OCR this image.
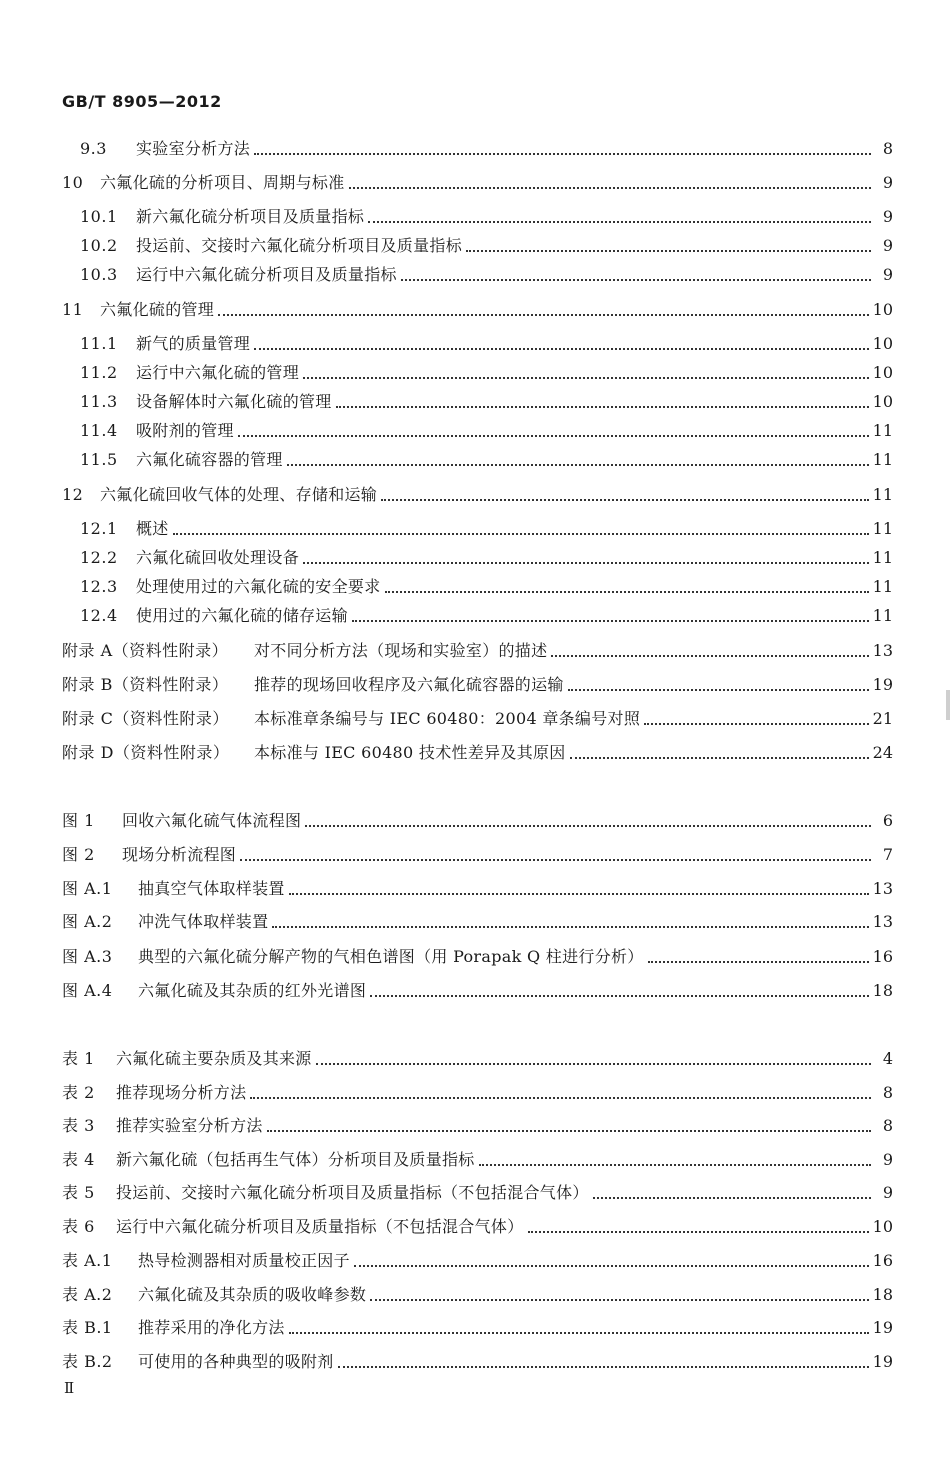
GB/T 8905—2012
9.3	实验室分析方法	8
10	六氟化硫的分析项目、周期与标准	9
10.1	新六氟化硫分析项目及质量指标	9
10.2	投运前、交接时六氟化硫分析项目及质量指标	9
10.3	运行中六氟化硫分析项目及质量指标	9
11	六氟化硫的管理	10
11.1	新气的质量管理	10
11.2	运行中六氟化硫的管理	10
11.3	设备解体时六氟化硫的管理	10
11.4	吸附剂的管理	11
11.5	六氟化硫容器的管理	11
12	六氟化硫回收气体的处理、存储和运输	11
12.1	概述	11
12.2	六氟化硫回收处理设备	11
12.3	处理使用过的六氟化硫的安全要求	11
12.4	使用过的六氟化硫的储存运输	11
附录 A（资料性附录）	对不同分析方法（现场和实验室）的描述	13
附录 B（资料性附录）	推荐的现场回收程序及六氟化硫容器的运输	19
附录 C（资料性附录）	本标准章条编号与 IEC 60480：2004 章条编号对照	21
附录 D（资料性附录）	本标准与 IEC 60480 技术性差异及其原因	24
图 1	回收六氟化硫气体流程图	6
图 2	现场分析流程图	7
图 A.1	抽真空气体取样装置	13
图 A.2	冲洗气体取样装置	13
图 A.3	典型的六氟化硫分解产物的气相色谱图（用 Porapak Q 柱进行分析）	16
图 A.4	六氟化硫及其杂质的红外光谱图	18
表 1	六氟化硫主要杂质及其来源	4
表 2	推荐现场分析方法	8
表 3	推荐实验室分析方法	8
表 4	新六氟化硫（包括再生气体）分析项目及质量指标	9
表 5	投运前、交接时六氟化硫分析项目及质量指标（不包括混合气体）	9
表 6	运行中六氟化硫分析项目及质量指标（不包括混合气体）	10
表 A.1	热导检测器相对质量校正因子	16
表 A.2	六氟化硫及其杂质的吸收峰参数	18
表 B.1	推荐采用的净化方法	19
表 B.2	可使用的各种典型的吸附剂	19
Ⅱ
